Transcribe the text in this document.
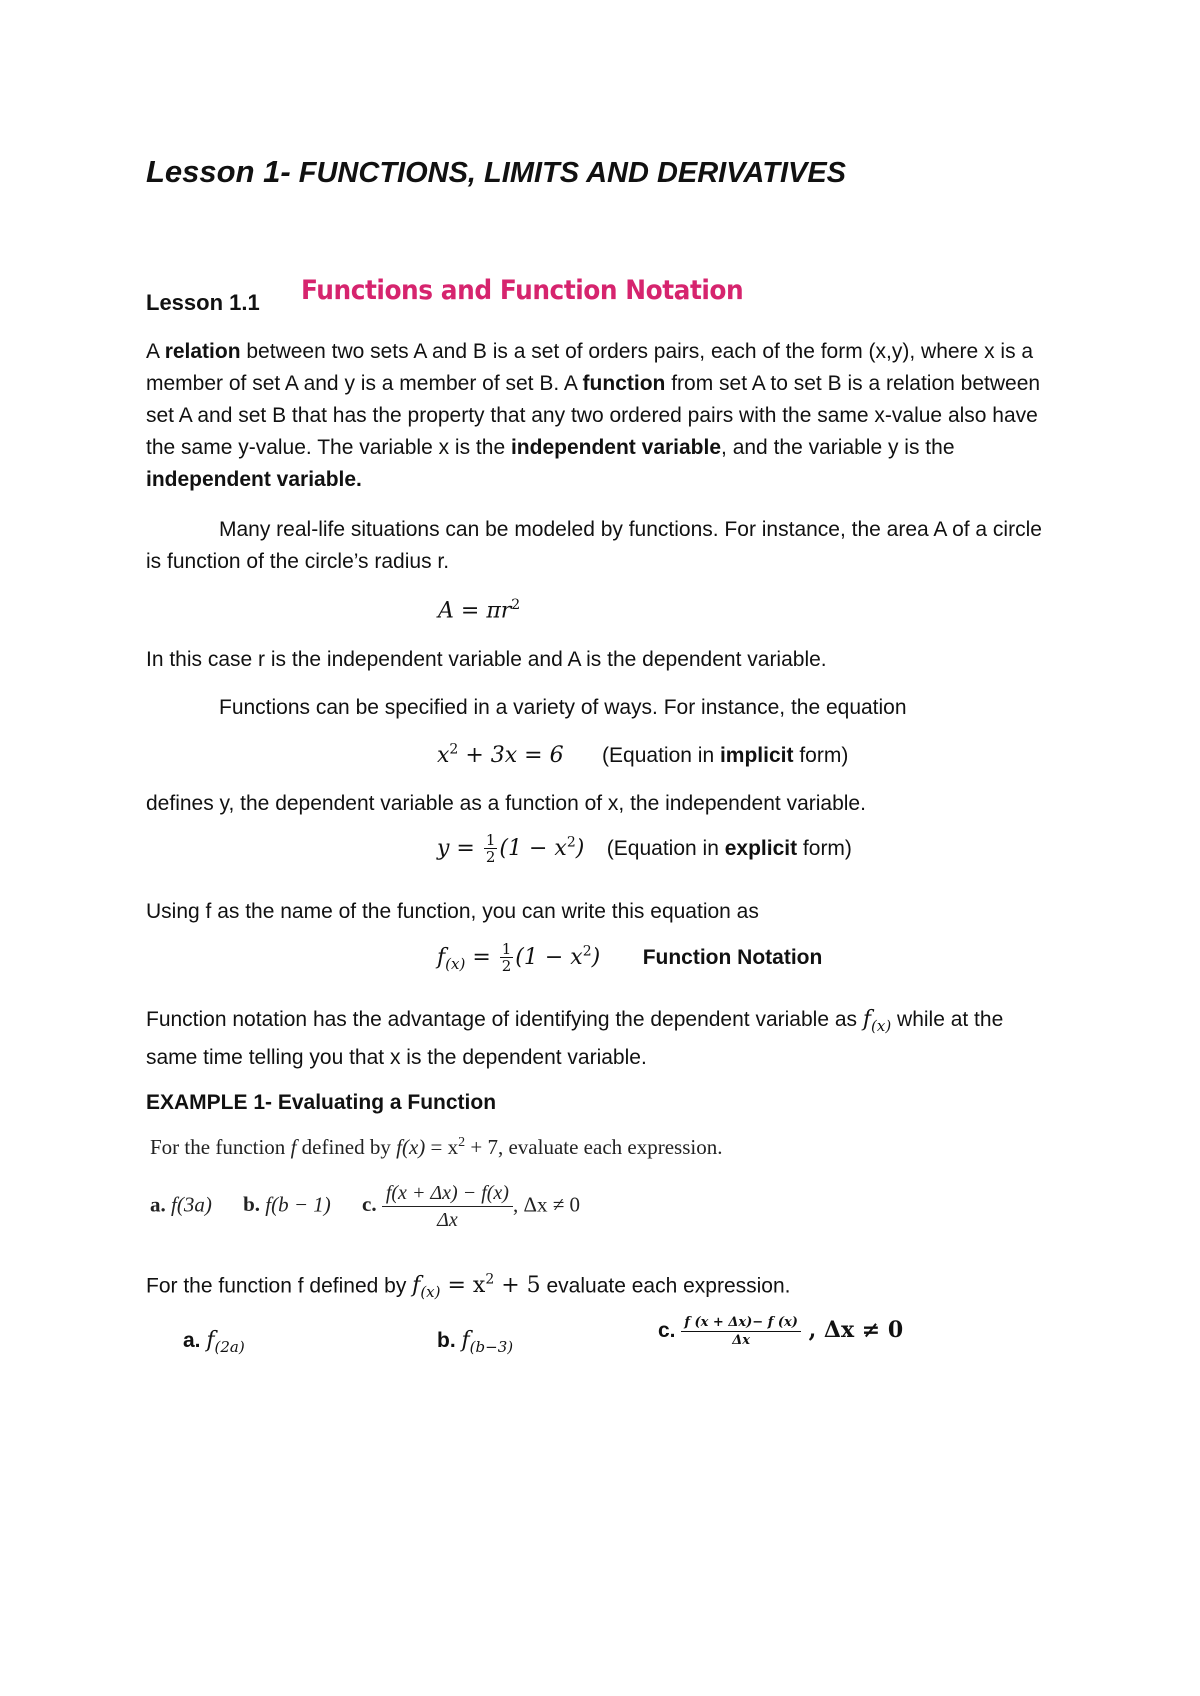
Lesson 1- FUNCTIONS, LIMITS AND DERIVATIVES
Lesson 1.1 Functions and Function Notation

A relation between two sets A and B is a set of orders pairs, each of the form (x,y), where x is a member of set A and y is a member of set B. A function from set A to set B is a relation between set A and set B that has the property that any two ordered pairs with the same x-value also have the same y-value. The variable x is the independent variable, and the variable y is the independent variable.

Many real-life situations can be modeled by functions. For instance, the area A of a circle is function of the circle’s radius r.
$A = \pi r^2$
In this case r is the independent variable and A is the dependent variable.
Functions can be specified in a variety of ways. For instance, the equation
$x^2 + 3x = 6$ (Equation in implicit form)
defines y, the dependent variable as a function of x, the independent variable.
$y = \frac{1}{2} (1 - x^2)$ (Equation in explicit form)
Using f as the name of the function, you can write this equation as
$f_{(x)} = \frac{1}{2} (1 - x^2)$ Function Notation
Function notation has the advantage of identifying the dependent variable as $f_{(x)}$ while at the same time telling you that x is the dependent variable.
EXAMPLE 1- Evaluating a Function
For the function f defined by $f(x) = x^2 + 7$, evaluate each expression.
a. f(3a) b. f(b − 1) c. $\frac{f(x + \Delta x) - f(x)}{\Delta x}$ , Δx ≠ 0
For the function f defined by $f_{(x)} = x^2 + 5$ evaluate each expression.
a. $f_{(2a)}$	b. $f_{(b-3)}$
c. $\frac{f (x + \Delta x)- f (x)}{\Delta x}$ , Δx ≠ 0
